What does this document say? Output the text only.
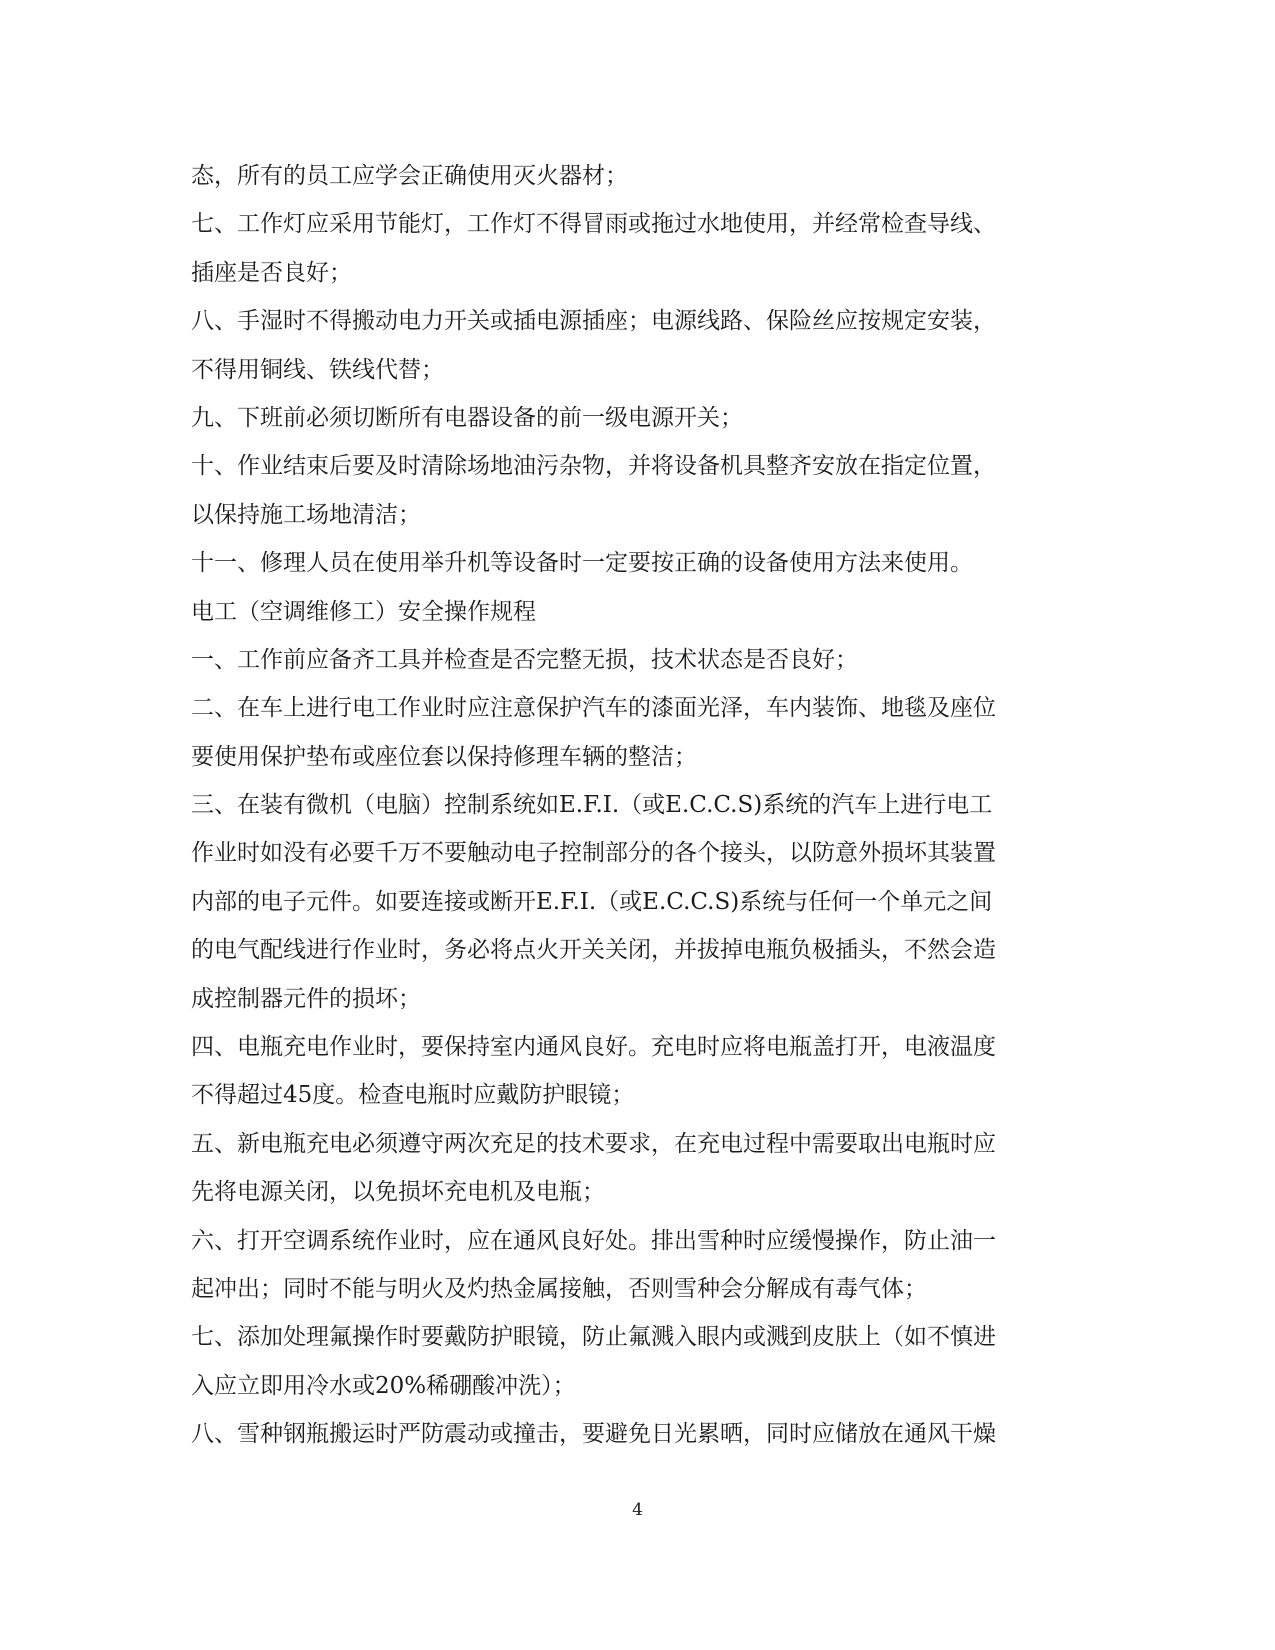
态，所有的员工应学会正确使用灭火器材；
七、工作灯应采用节能灯，工作灯不得冒雨或拖过水地使用，并经常检查导线、
插座是否良好；
八、手湿时不得搬动电力开关或插电源插座；电源线路、保险丝应按规定安装，
不得用铜线、铁线代替；
九、下班前必须切断所有电器设备的前一级电源开关；
十、作业结束后要及时清除场地油污杂物，并将设备机具整齐安放在指定位置，
以保持施工场地清洁；
十一、修理人员在使用举升机等设备时一定要按正确的设备使用方法来使用。
电工（空调维修工）安全操作规程
一、工作前应备齐工具并检查是否完整无损，技术状态是否良好；
二、在车上进行电工作业时应注意保护汽车的漆面光泽，车内装饰、地毯及座位
要使用保护垫布或座位套以保持修理车辆的整洁；
三、在装有微机（电脑）控制系统如E.F.I.（或E.C.C.S)系统的汽车上进行电工
作业时如没有必要千万不要触动电子控制部分的各个接头，以防意外损坏其装置
内部的电子元件。如要连接或断开E.F.I.（或E.C.C.S)系统与任何一个单元之间
的电气配线进行作业时，务必将点火开关关闭，并拔掉电瓶负极插头，不然会造
成控制器元件的损坏；
四、电瓶充电作业时，要保持室内通风良好。充电时应将电瓶盖打开，电液温度
不得超过45度。检查电瓶时应戴防护眼镜；
五、新电瓶充电必须遵守两次充足的技术要求，在充电过程中需要取出电瓶时应
先将电源关闭，以免损坏充电机及电瓶；
六、打开空调系统作业时，应在通风良好处。排出雪种时应缓慢操作，防止油一
起冲出；同时不能与明火及灼热金属接触，否则雪种会分解成有毒气体；
七、添加处理氟操作时要戴防护眼镜，防止氟溅入眼内或溅到皮肤上（如不慎进
入应立即用冷水或20%稀硼酸冲洗）；
八、雪种钢瓶搬运时严防震动或撞击，要避免日光累晒，同时应储放在通风干燥
4
